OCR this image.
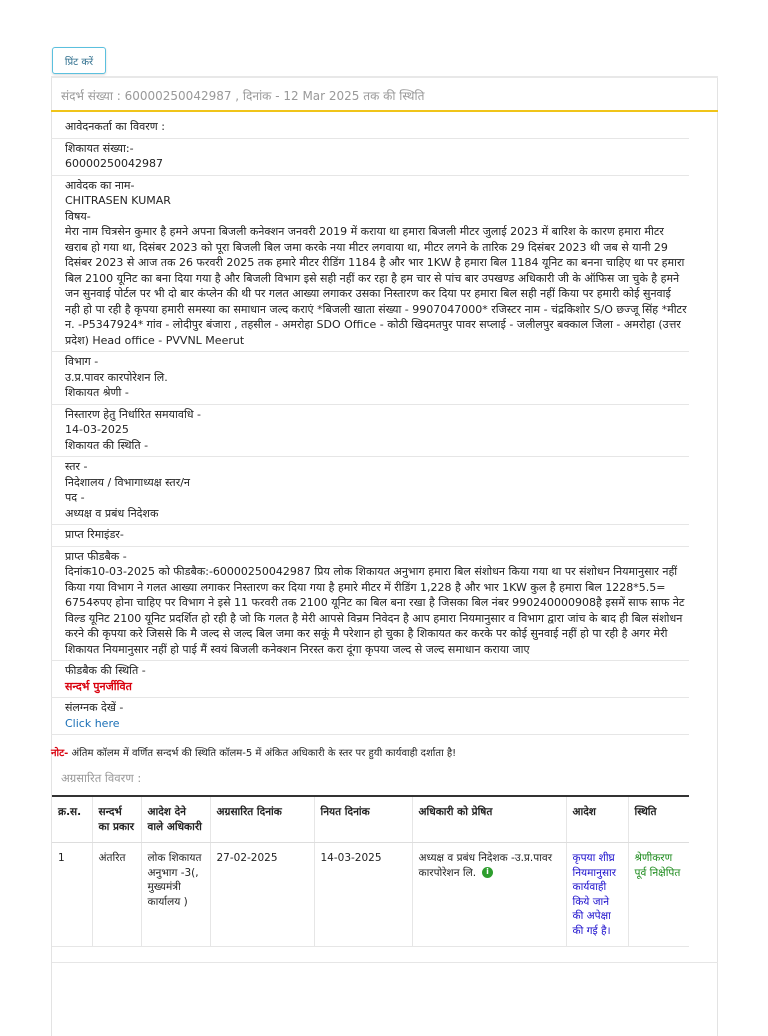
प्रिंट करें
संदर्भ संख्या : 60000250042987 , दिनांक - 12 Mar 2025 तक की स्थिति
आवेदनकर्ता का विवरण :
शिकायत संख्या:-
60000250042987
आवेदक का नाम-
CHITRASEN KUMAR
विषय-
मेरा नाम चित्रसेन कुमार है हमने अपना बिजली कनेक्शन जनवरी 2019 में कराया था हमारा बिजली मीटर जुलाई 2023 में बारिश के कारण हमारा मीटर खराब हो गया था, दिसंबर 2023 को पूरा बिजली बिल जमा करके नया मीटर लगवाया था, मीटर लगने के तारिक 29 दिसंबर 2023 थी जब से यानी 29 दिसंबर 2023 से आज तक 26 फरवरी 2025 तक हमारे मीटर रीडिंग 1184 है और भार 1KW है हमारा बिल 1184 यूनिट का बनना चाहिए था पर हमारा बिल 2100 यूनिट का बना दिया गया है और बिजली विभाग इसे सही नहीं कर रहा है हम चार से पांच बार उपखण्ड अधिकारी जी के ऑफिस जा चुके है हमने जन सुनवाई पोर्टल पर भी दो बार कंप्लेन की थी पर गलत आख्या लगाकर उसका निस्तारण कर दिया पर हमारा बिल सही नहीं किया पर हमारी कोई सुनवाई नही हो पा रही है कृपया हमारी समस्या का समाधान जल्द कराएं *बिजली खाता संख्या - 9907047000* रजिस्टर नाम - चंद्रकिशोर S/O छज्जू सिंह *मीटर न. -P5347924* गांव - लोदीपुर बंजारा , तहसील - अमरोहा SDO Office - कोठी खिदमतपुर पावर सप्लाई - जलीलपुर बक्काल जिला - अमरोहा (उत्तर प्रदेश) Head office - PVVNL Meerut
विभाग -
उ.प्र.पावर कारपोरेशन लि.
शिकायत श्रेणी -
निस्तारण हेतु निर्धारित समयावधि -
14-03-2025
शिकायत की स्थिति -
स्तर -
निदेशालय / विभागाध्यक्ष स्तर/न
पद -
अध्यक्ष व प्रबंध निदेशक
प्राप्त रिमाइंडर-
प्राप्त फीडबैक -
दिनांक10-03-2025 को फीडबैक:-60000250042987 प्रिय लोक शिकायत अनुभाग हमारा बिल संशोधन किया गया था पर संशोधन नियमानुसार नहीं किया गया विभाग ने गलत आख्या लगाकर निस्तारण कर दिया गया है हमारे मीटर में रीडिंग 1,228 है और भार 1KW कुल है हमारा बिल 1228*5.5= 6754रुपए होना चाहिए पर विभाग ने इसे 11 फरवरी तक 2100 यूनिट का बिल बना रखा है जिसका बिल नंबर 990240000908है इसमें साफ साफ नेट विल्ड यूनिट 2100 यूनिट प्रदर्शित हो रही है जो कि गलत है मेरी आपसे विन्रम निवेदन है आप हमारा नियमानुसार व विभाग द्वारा जांच के बाद ही बिल संशोधन करने की कृपया करे जिससे कि मै जल्द से जल्द बिल जमा कर सकूं मै परेशान हो चुका है शिकायत कर करके पर कोई सुनवाई नहीं हो पा रही है अगर मेरी शिकायत नियमानुसार नहीं हो पाई मैं स्वयं बिजली कनेक्शन निरस्त करा दूंगा कृपया जल्द से जल्द समाधान कराया जाए
फीडबैक की स्थिति -
सन्दर्भ पुनर्जीवित
संलग्नक देखें -
Click here
नोट- अंतिम कॉलम में वर्णित सन्दर्भ की स्थिति कॉलम-5 में अंकित अधिकारी के स्तर पर हुयी कार्यवाही दर्शाता है!
अग्रसारित विवरण :
क्र.स.	सन्दर्भ का प्रकार	आदेश देने वाले अधिकारी	अग्रसारित दिनांक	नियत दिनांक	अधिकारी को प्रेषित	आदेश	स्थिति
1	अंतरित	लोक शिकायत अनुभाग -3(, मुख्यमंत्री कार्यालय )	27-02-2025	14-03-2025	अध्यक्ष व प्रबंध निदेशक -उ.प्र.पावर कारपोरेशन लि. i	कृपया शीघ्र नियमानुसार कार्यवाही किये जाने की अपेक्षा की गई है।	श्रेणीकरण पूर्व निक्षेपित
